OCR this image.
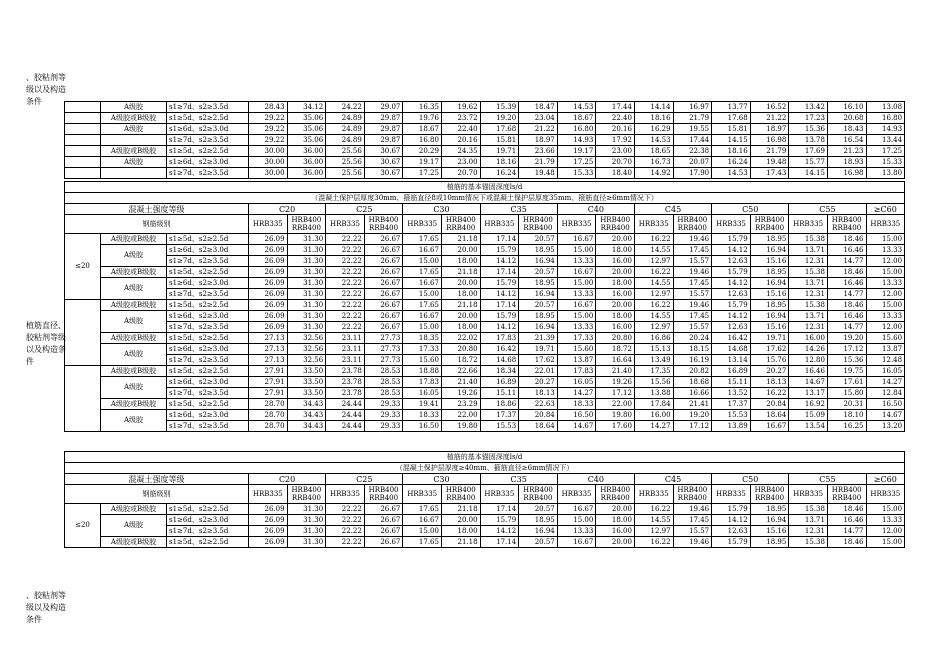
、胶粘剂等级以及构造条件
植筋直径、胶粘剂等级以及构造条件
、胶粘剂等级以及构造条件
	A级胶	s1≥7d、s2≥3.5d	28.43	34.12	24.22	29.07	16.35	19.62	15.39	18.47	14.53	17.44	14.14	16.97	13.77	16.52	13.42	16.10	13.08
	A级胶或B级胶	s1≥5d、s2≥2.5d	29.22	35.06	24.89	29.87	19.76	23.72	19.20	23.04	18.67	22.40	18.16	21.79	17.68	21.22	17.23	20.68	16.80
	A级胶	s1≥6d、s2≥3.0d	29.22	35.06	24.89	29.87	18.67	22.40	17.68	21.22	16.80	20.16	16.29	19.55	15.81	18.97	15.36	18.43	14.93
		s1≥7d、s2≥3.5d	29.22	35.06	24.89	29.87	16.80	20.16	15.81	18.97	14.93	17.92	14.53	17.44	14.15	16.98	13.78	16.54	13.44
	A级胶或B级胶	s1≥5d、s2≥2.5d	30.00	36.00	25.56	30.67	20.29	24.35	19.71	23.66	19.17	23.00	18.65	22.38	18.16	21.79	17.69	21.23	17.25
	A级胶	s1≥6d、s2≥3.0d	30.00	36.00	25.56	30.67	19.17	23.00	18.16	21.79	17.25	20.70	16.73	20.07	16.24	19.48	15.77	18.93	15.33
		s1≥7d、s2≥3.5d	30.00	36.00	25.56	30.67	17.25	20.70	16.24	19.48	15.33	18.40	14.92	17.90	14.53	17.43	14.15	16.98	13.80
植筋的基本锚固深度ls/d																			
（混凝土保护层厚度30mm、箍筋直径8或10mm情况下或混凝土保护层厚度35mm、箍筋直径≥6mm情况下）																			
混凝土强度等级			C20		C25		C30		C35		C40		C45		C50		C55		≥C60
钢筋级别			HRB335	HRB400 RRB400	HRB335	HRB400 RRB400	HRB335	HRB400 RRB400	HRB335	HRB400 RRB400	HRB335	HRB400 RRB400	HRB335	HRB400 RRB400	HRB335	HRB400 RRB400	HRB335	HRB400 RRB400	HRB335
≤20	A级胶或B级胶	s1≥5d、s2≥2.5d	26.09	31.30	22.22	26.67	17.65	21.18	17.14	20.57	16.67	20.00	16.22	19.46	15.79	18.95	15.38	18.46	15.00
	A级胶	s1≥6d、s2≥3.0d	26.09	31.30	22.22	26.67	16.67	20.00	15.79	18.95	15.00	18.00	14.55	17.45	14.12	16.94	13.71	16.46	13.33
		s1≥7d、s2≥3.5d	26.09	31.30	22.22	26.67	15.00	18.00	14.12	16.94	13.33	16.00	12.97	15.57	12.63	15.16	12.31	14.77	12.00
	A级胶或B级胶	s1≥5d、s2≥2.5d	26.09	31.30	22.22	26.67	17.65	21.18	17.14	20.57	16.67	20.00	16.22	19.46	15.79	18.95	15.38	18.46	15.00
	A级胶	s1≥6d、s2≥3.0d	26.09	31.30	22.22	26.67	16.67	20.00	15.79	18.95	15.00	18.00	14.55	17.45	14.12	16.94	13.71	16.46	13.33
		s1≥7d、s2≥3.5d	26.09	31.30	22.22	26.67	15.00	18.00	14.12	16.94	13.33	16.00	12.97	15.57	12.63	15.16	12.31	14.77	12.00
	A级胶或B级胶	s1≥5d、s2≥2.5d	26.09	31.30	22.22	26.67	17.65	21.18	17.14	20.57	16.67	20.00	16.22	19.46	15.79	18.95	15.38	18.46	15.00
	A级胶	s1≥6d、s2≥3.0d	26.09	31.30	22.22	26.67	16.67	20.00	15.79	18.95	15.00	18.00	14.55	17.45	14.12	16.94	13.71	16.46	13.33
		s1≥7d、s2≥3.5d	26.09	31.30	22.22	26.67	15.00	18.00	14.12	16.94	13.33	16.00	12.97	15.57	12.63	15.16	12.31	14.77	12.00
	A级胶或B级胶	s1≥5d、s2≥2.5d	27.13	32.56	23.11	27.73	18.35	22.02	17.83	21.39	17.33	20.80	16.86	20.24	16.42	19.71	16.00	19.20	15.60
	A级胶	s1≥6d、s2≥3.0d	27.13	32.56	23.11	27.73	17.33	20.80	16.42	19.71	15.60	18.72	15.13	18.15	14.68	17.62	14.26	17.12	13.87
		s1≥7d、s2≥3.5d	27.13	32.56	23.11	27.73	15.60	18.72	14.68	17.62	13.87	16.64	13.49	16.19	13.14	15.76	12.80	15.36	12.48
	A级胶或B级胶	s1≥5d、s2≥2.5d	27.91	33.50	23.78	28.53	18.88	22.66	18.34	22.01	17.83	21.40	17.35	20.82	16.89	20.27	16.46	19.75	16.05
	A级胶	s1≥6d、s2≥3.0d	27.91	33.50	23.78	28.53	17.83	21.40	16.89	20.27	16.05	19.26	15.56	18.68	15.11	18.13	14.67	17.61	14.27
		s1≥7d、s2≥3.5d	27.91	33.50	23.78	28.53	16.05	19.26	15.11	18.13	14.27	17.12	13.88	16.66	13.52	16.22	13.17	15.80	12.84
	A级胶或B级胶	s1≥5d、s2≥2.5d	28.70	34.43	24.44	29.33	19.41	23.29	18.86	22.63	18.33	22.00	17.84	21.41	17.37	20.84	16.92	20.31	16.50
	A级胶	s1≥6d、s2≥3.0d	28.70	34.43	24.44	29.33	18.33	22.00	17.37	20.84	16.50	19.80	16.00	19.20	15.53	18.64	15.09	18.10	14.67
		s1≥7d、s2≥3.5d	28.70	34.43	24.44	29.33	16.50	19.80	15.53	18.64	14.67	17.60	14.27	17.12	13.89	16.67	13.54	16.25	13.20
植筋的基本锚固深度ls/d																			
（混凝土保护层厚度≥40mm、箍筋直径≥6mm情况下）																			
混凝土强度等级			C20		C25		C30		C35		C40		C45		C50		C55		≥C60
钢筋级别			HRB335	HRB400 RRB400	HRB335	HRB400 RRB400	HRB335	HRB400 RRB400	HRB335	HRB400 RRB400	HRB335	HRB400 RRB400	HRB335	HRB400 RRB400	HRB335	HRB400 RRB400	HRB335	HRB400 RRB400	HRB335
≤20	A级胶或B级胶	s1≥5d、s2≥2.5d	26.09	31.30	22.22	26.67	17.65	21.18	17.14	20.57	16.67	20.00	16.22	19.46	15.79	18.95	15.38	18.46	15.00
	A级胶	s1≥6d、s2≥3.0d	26.09	31.30	22.22	26.67	16.67	20.00	15.79	18.95	15.00	18.00	14.55	17.45	14.12	16.94	13.71	16.46	13.33
		s1≥7d、s2≥3.5d	26.09	31.30	22.22	26.67	15.00	18.00	14.12	16.94	13.33	16.00	12.97	15.57	12.63	15.16	12.31	14.77	12.00
	A级胶或B级胶	s1≥5d、s2≥2.5d	26.09	31.30	22.22	26.67	17.65	21.18	17.14	20.57	16.67	20.00	16.22	19.46	15.79	18.95	15.38	18.46	15.00
